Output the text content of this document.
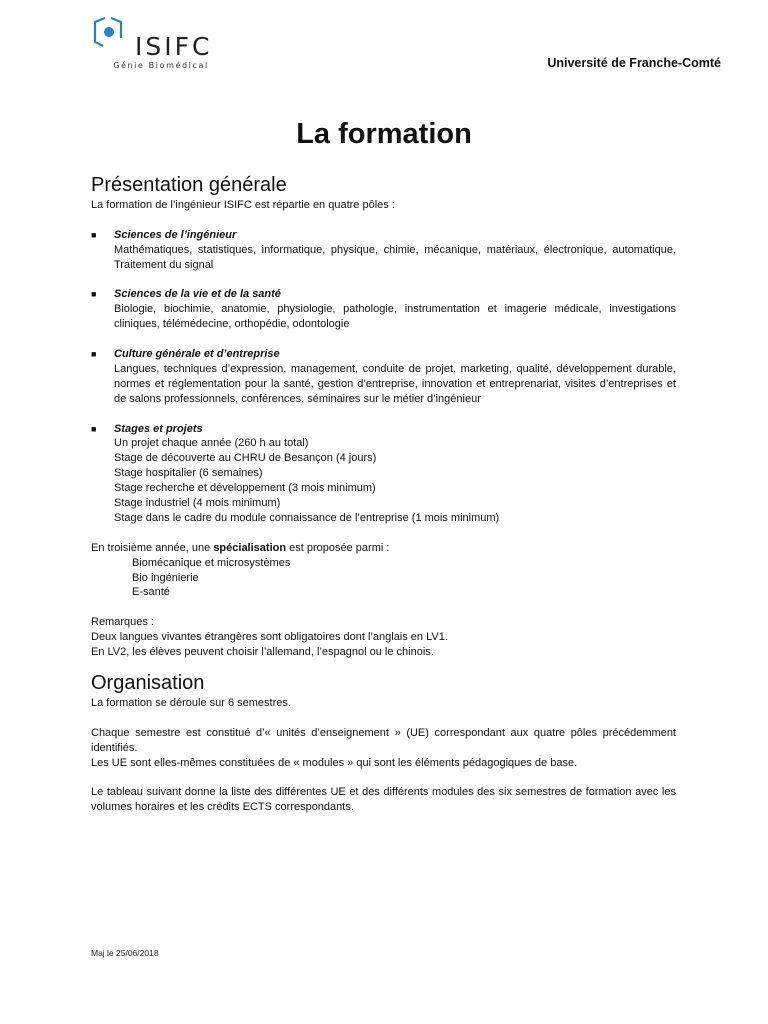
ISIFC
Génie Biomédical	Université de Franche-Comté
La formation
Présentation générale

La formation de l’ingénieur ISIFC est répartie en quatre pôles :

■ Sciences de l’ingénieur
Mathématiques, statistiques, informatique, physique, chimie, mécanique, matériaux, électronique, automatique, Traitement du signal
■ Sciences de la vie et de la santé
Biologie, biochimie, anatomie, physiologie, pathologie, instrumentation et imagerie médicale, investigations cliniques, télémédecine, orthopédie, odontologie
■ Culture générale et d’entreprise
Langues, techniques d’expression, management, conduite de projet, marketing, qualité, développement durable, normes et réglementation pour la santé, gestion d’entreprise, innovation et entreprenariat, visites d’entreprises et de salons professionnels, conférences, séminaires sur le métier d’ingénieur
■ Stages et projets
Un projet chaque année (260 h au total)
Stage de découverte au CHRU de Besançon (4 jours)
Stage hospitalier (6 semaines)
Stage recherche et développement (3 mois minimum)
Stage industriel (4 mois minimum)
Stage dans le cadre du module connaissance de l’entreprise (1 mois minimum)

En troisième année, une spécialisation est proposée parmi :

Biomécanique et microsystèmes
Bio ingénierie
E-santé

Remarques :

Deux langues vivantes étrangères sont obligatoires dont l’anglais en LV1.
En LV2, les élèves peuvent choisir l’allemand, l’espagnol ou le chinois.
Organisation

La formation se déroule sur 6 semestres.

Chaque semestre est constitué d’« unités d’enseignement » (UE) correspondant aux quatre pôles précédemment identifiés.

Les UE sont elles-mêmes constituées de « modules » qui sont les éléments pédagogiques de base.

Le tableau suivant donne la liste des différentes UE et des différents modules des six semestres de formation avec les volumes horaires et les crédits ECTS correspondants.

Maj le 25/06/2018
